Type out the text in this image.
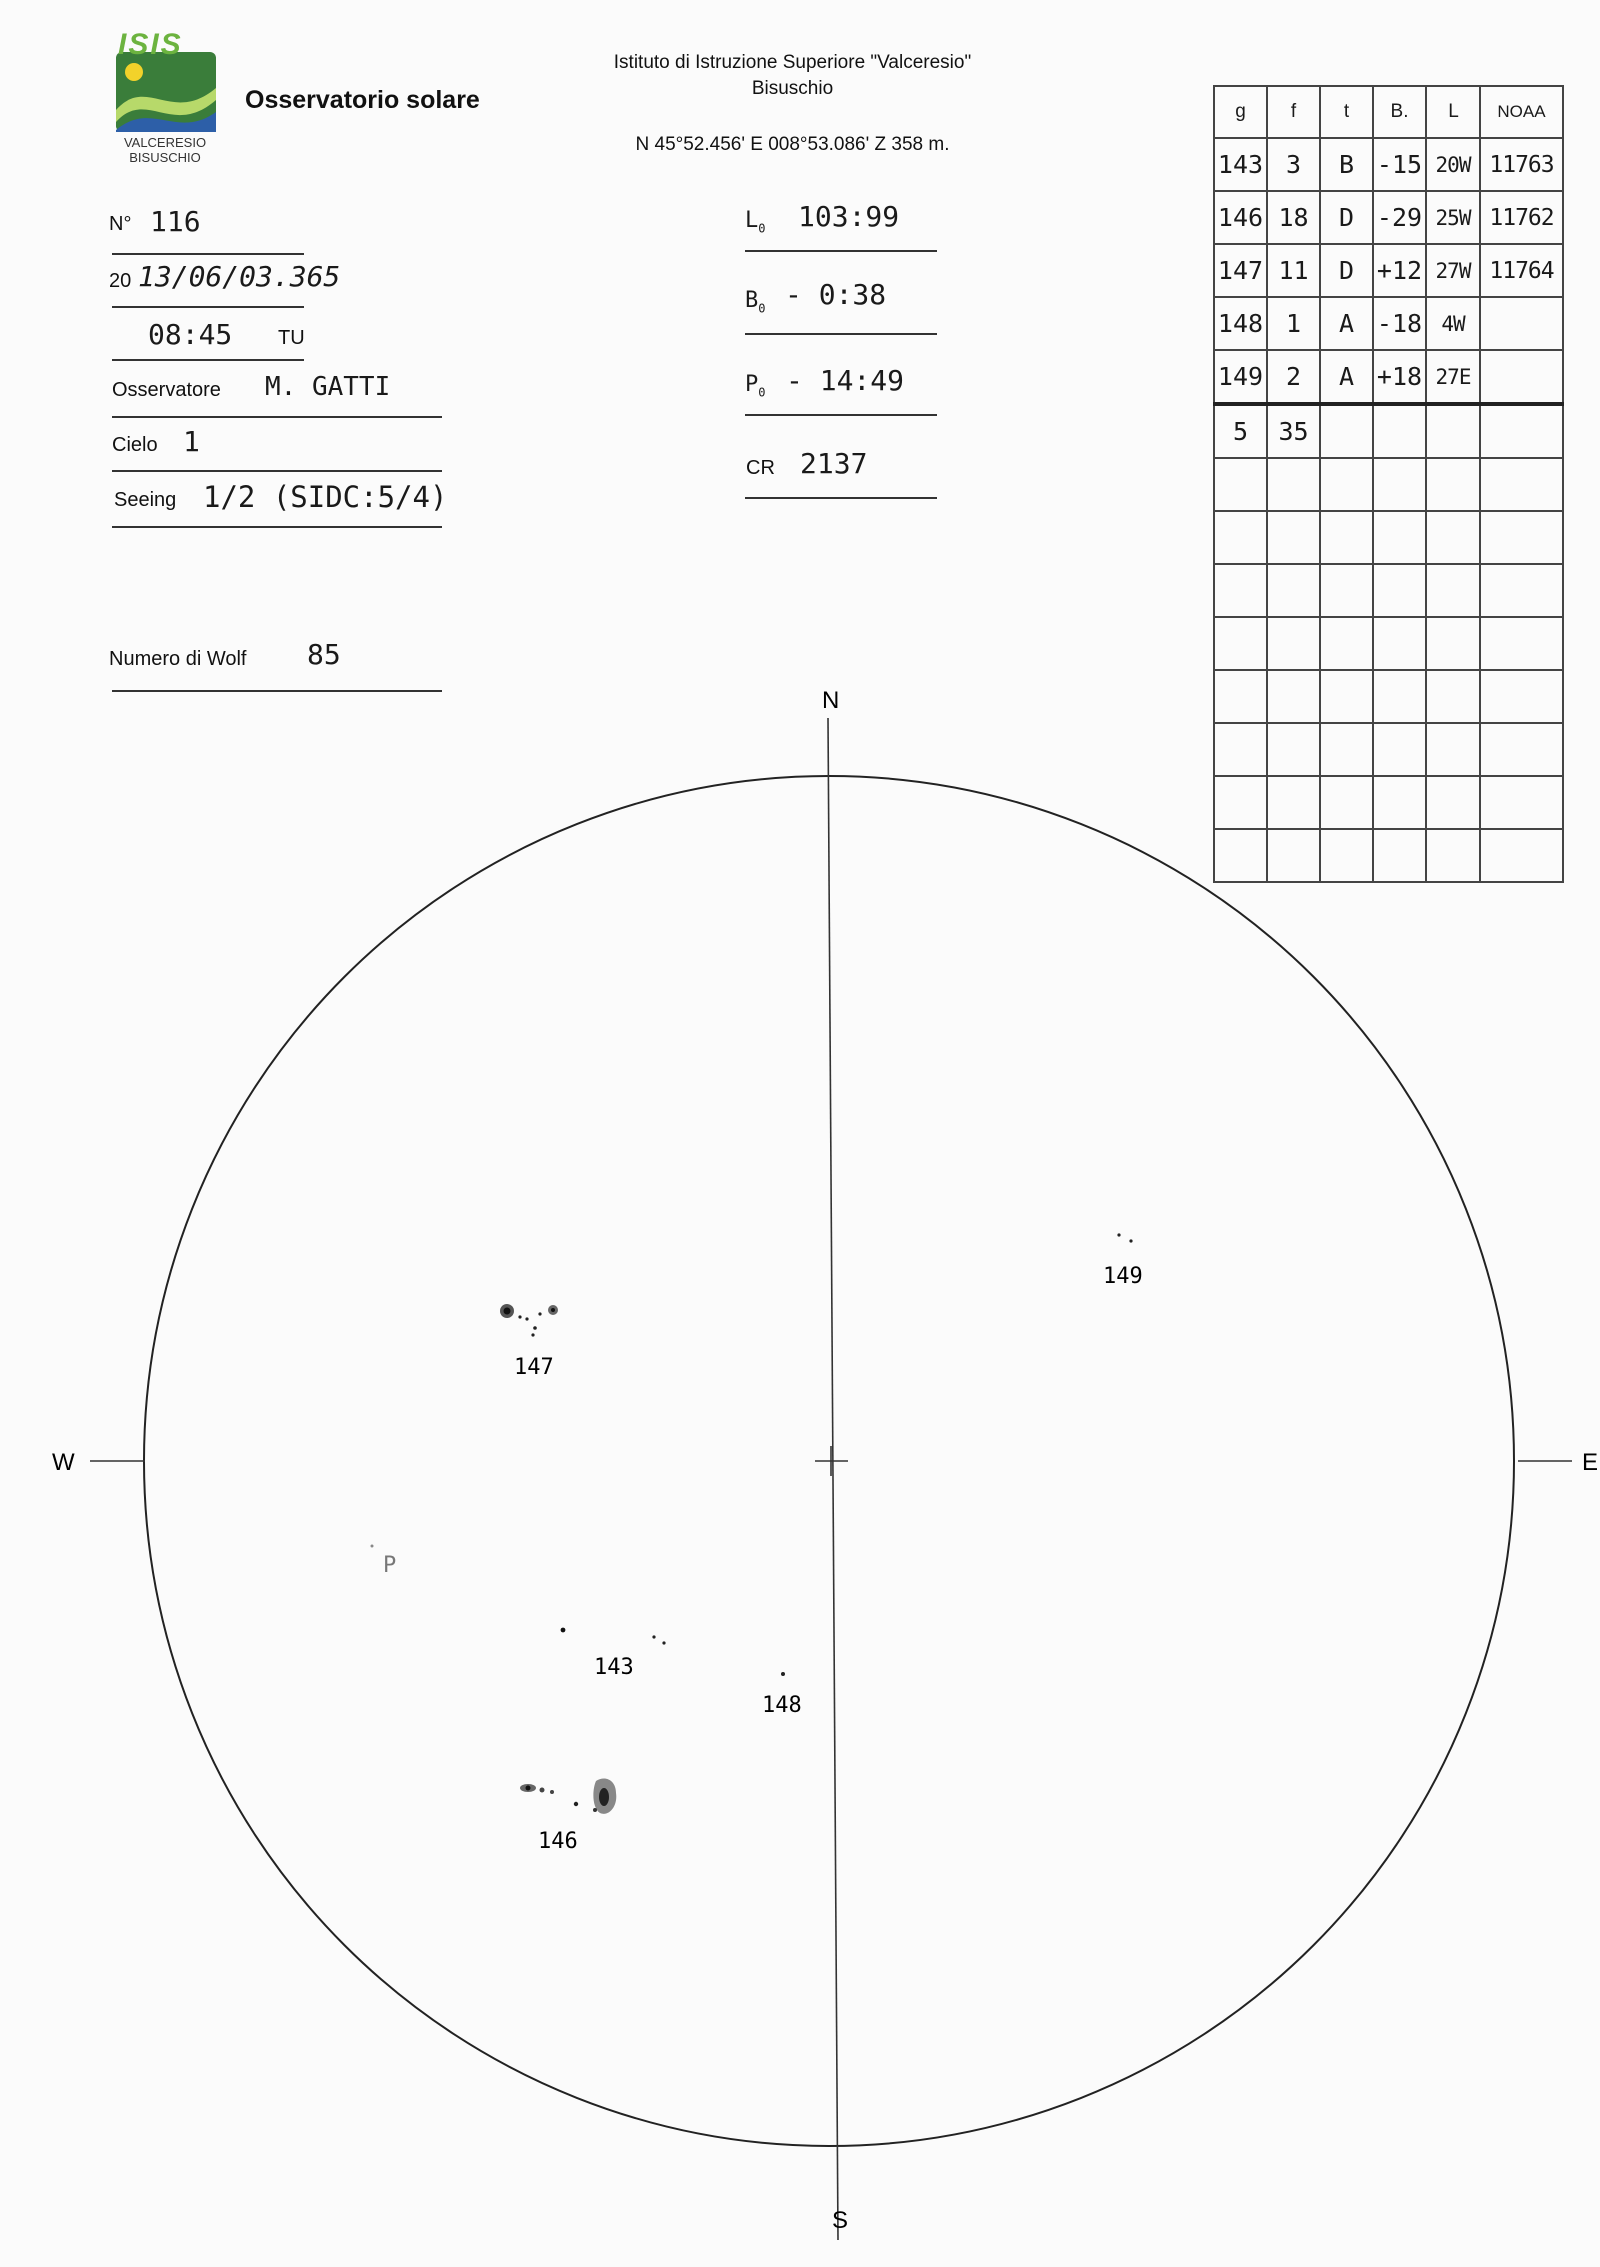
ISIS
VALCERESIO
BISUSCHIO
Osservatorio solare
Istituto di Istruzione Superiore "Valceresio"
Bisuschio
N 45°52.456' E 008°53.086' Z 358 m.
N° 116
20 13/06/03.365
08:45 TU
Osservatore M. GATTI
Cielo 1
Seeing 1/2 (SIDC:5/4)
Numero di Wolf 85
$L_0$ 103:99
$B_0$ - 0:38
$P_0$ - 14:49
CR 2137
g	f	t	B.	L	NOAA
143	3	B	-15	20W	11763
146	18	D	-29	25W	11762
147	11	D	+12	27W	11764
148	1	A	-18	4W	
149	2	A	+18	27E	
5	35				

N
S
W	E
P
147
149
143
148
146
